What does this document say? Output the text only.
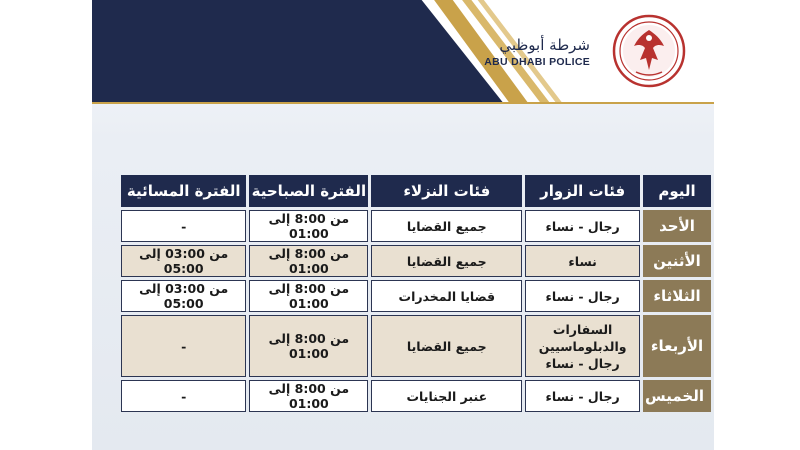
شرطة أبوظبي
ABU DHABI POLICE
اليوم	فئات الزوار	فئات النزلاء	الفترة الصباحية	الفترة المسائية
الأحد	رجال - نساء	جميع القضايا	من 8:00 إلى 01:00	-
الأثنين	نساء	جميع القضايا	من 8:00 إلى 01:00	من 03:00 إلى 05:00
الثلاثاء	رجال - نساء	قضايا المخدرات	من 8:00 إلى 01:00	من 03:00 إلى 05:00
الأربعاء	السفارات والدبلوماسيين رجال - نساء	جميع القضايا	من 8:00 إلى 01:00	-
الخميس	رجال - نساء	عنبر الجنايات	من 8:00 إلى 01:00	-
